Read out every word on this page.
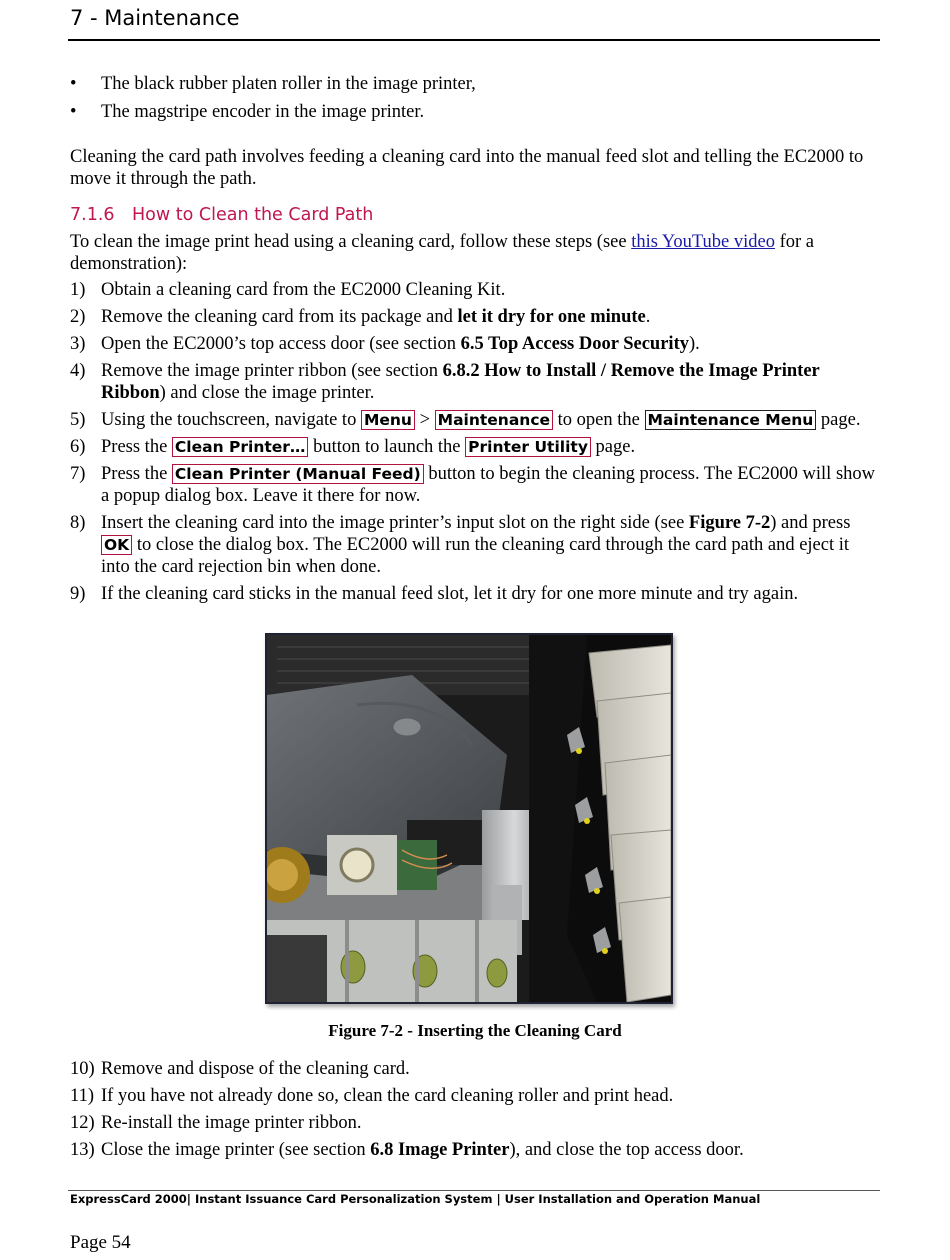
7 - Maintenance
•	The black rubber platen roller in the image printer,
•	The magstripe encoder in the image printer.
Cleaning the card path involves feeding a cleaning card into the manual feed slot and telling the EC2000 to move it through the path.
7.1.6 How to Clean the Card Path
To clean the image print head using a cleaning card, follow these steps (see this YouTube video for a demonstration):
1) Obtain a cleaning card from the EC2000 Cleaning Kit.
2) Remove the cleaning card from its package and let it dry for one minute.
3) Open the EC2000’s top access door (see section 6.5 Top Access Door Security).
4) Remove the image printer ribbon (see section 6.8.2 How to Install / Remove the Image Printer Ribbon) and close the image printer.
5) Using the touchscreen, navigate to Menu > Maintenance to open the Maintenance Menu page.
6) Press the Clean Printer… button to launch the Printer Utility page.
7) Press the Clean Printer (Manual Feed) button to begin the cleaning process. The EC2000 will show a popup dialog box. Leave it there for now.
8) Insert the cleaning card into the image printer’s input slot on the right side (see Figure 7-2) and press OK to close the dialog box. The EC2000 will run the cleaning card through the card path and eject it into the card rejection bin when done.
9) If the cleaning card sticks in the manual feed slot, let it dry for one more minute and try again.
Figure 7-2 - Inserting the Cleaning Card
10) Remove and dispose of the cleaning card.
11) If you have not already done so, clean the card cleaning roller and print head.
12) Re-install the image printer ribbon.
13) Close the image printer (see section 6.8 Image Printer), and close the top access door.
ExpressCard 2000| Instant Issuance Card Personalization System | User Installation and Operation Manual
Page 54
